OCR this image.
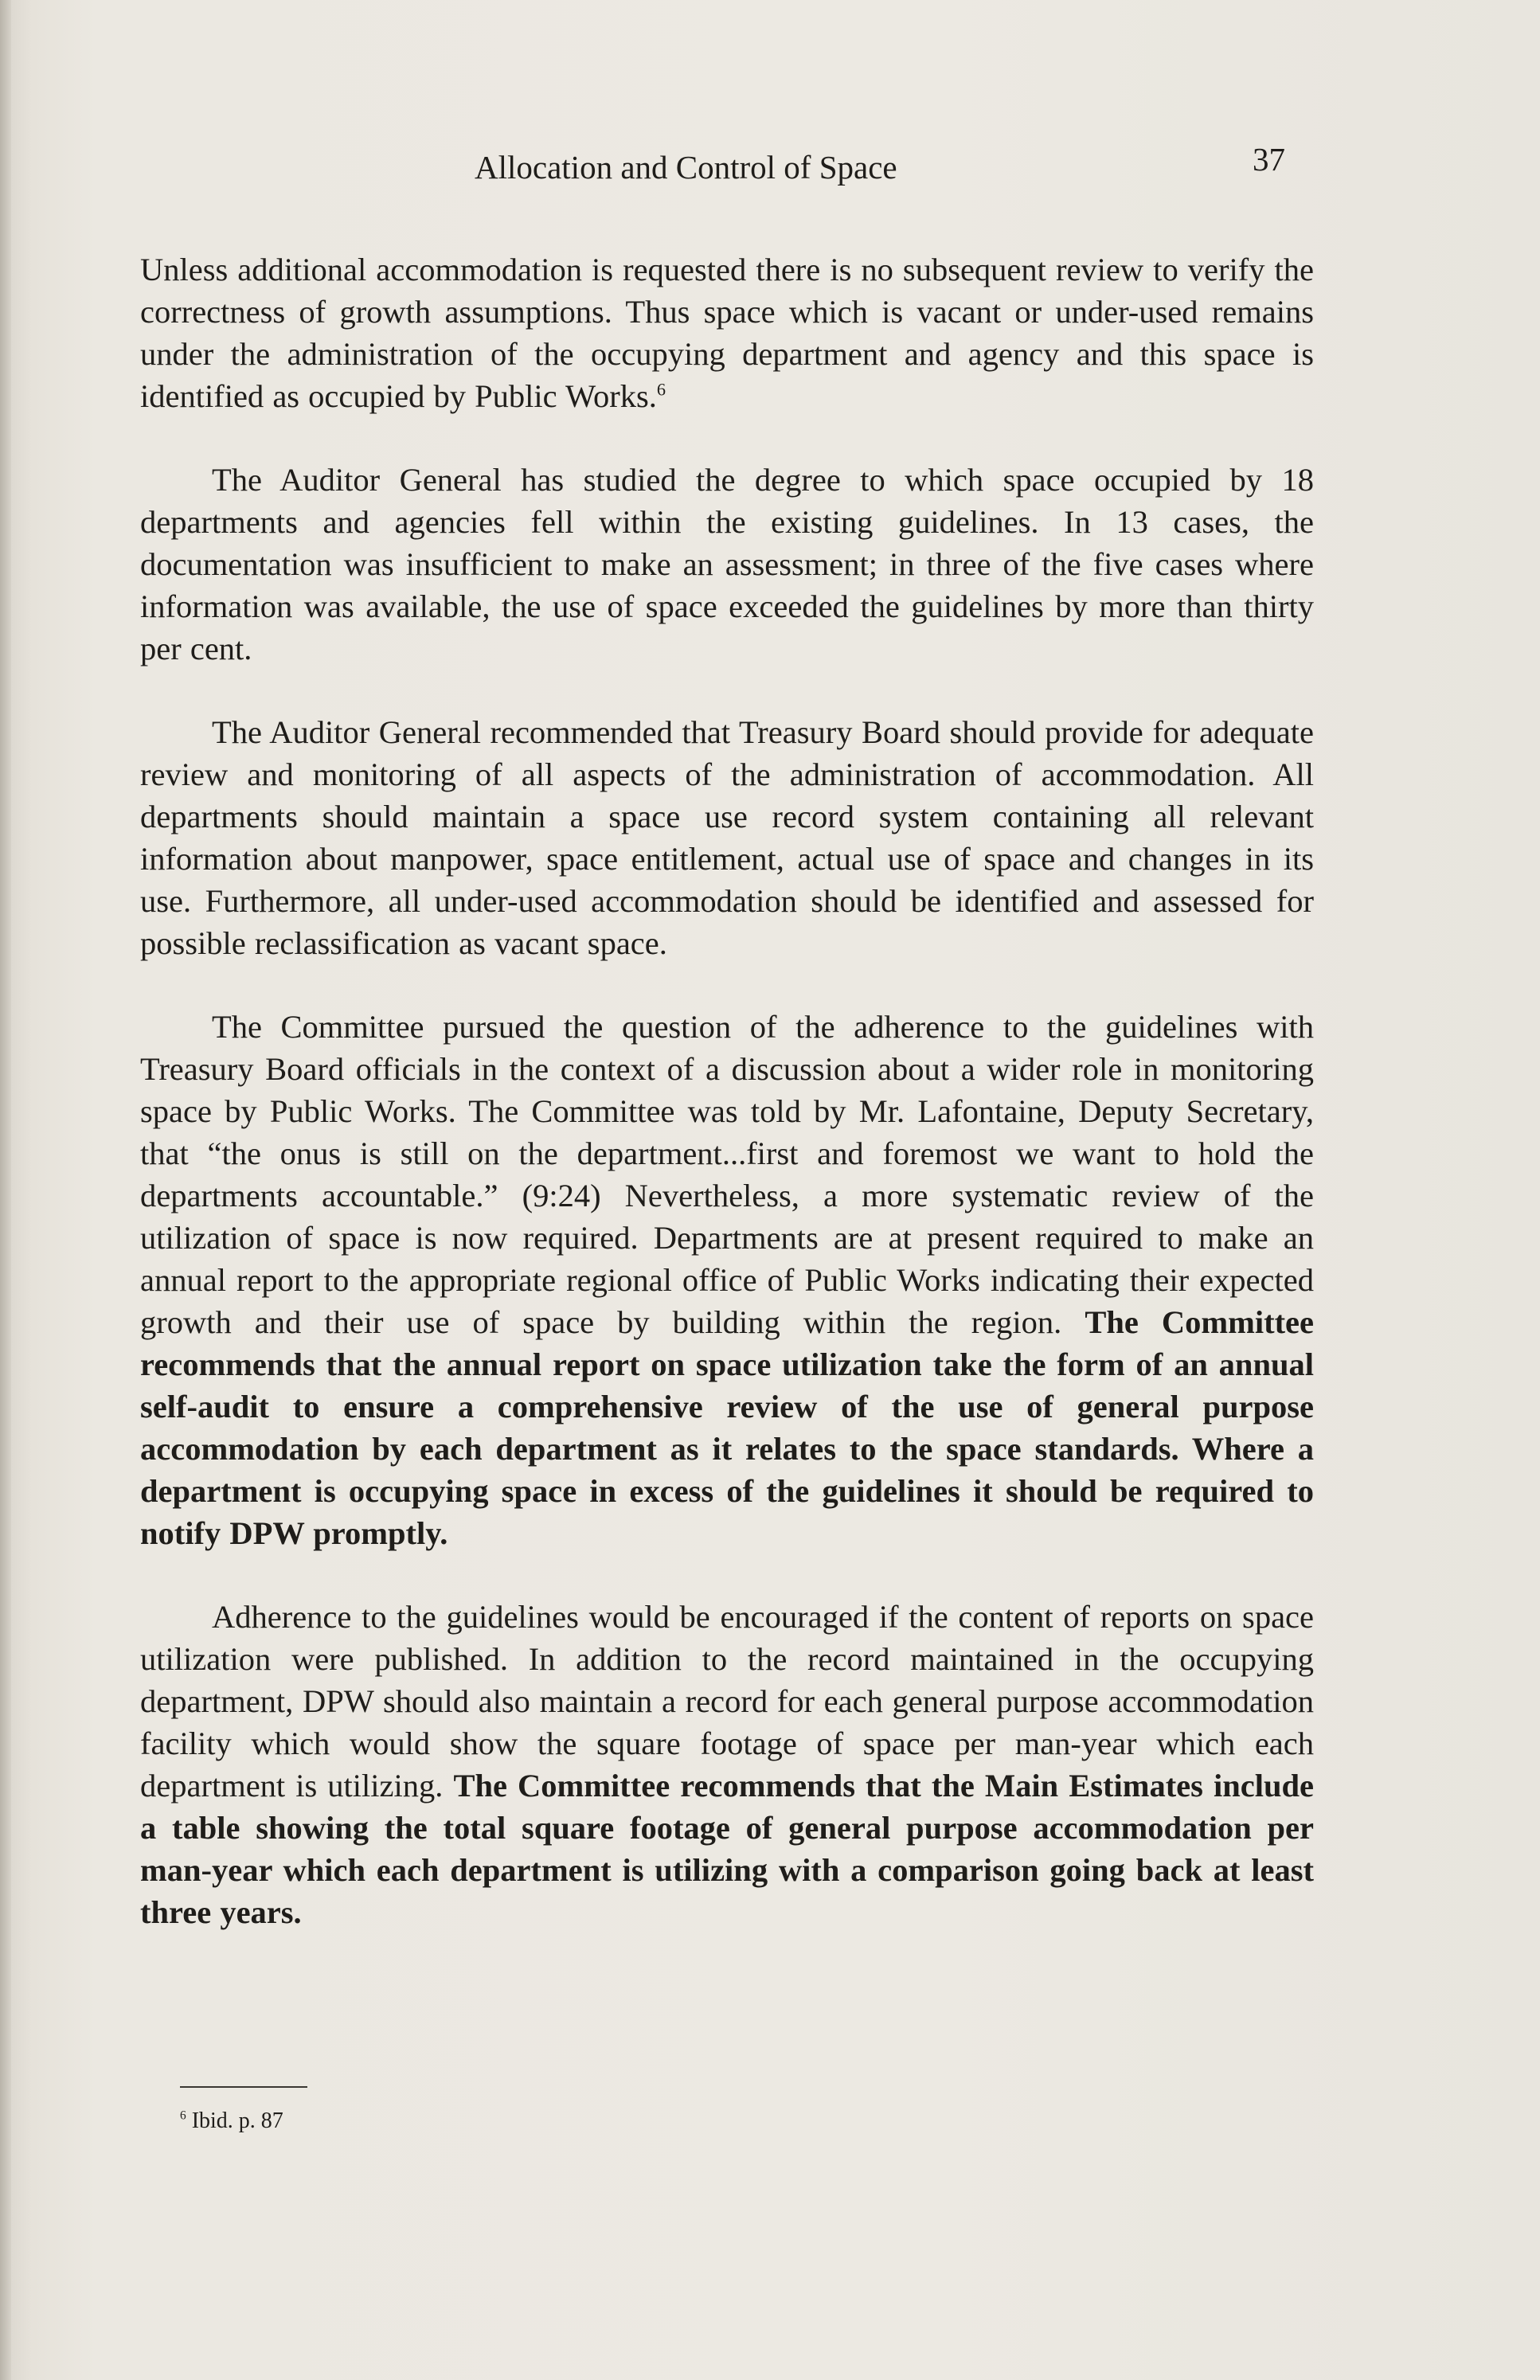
Allocation and Control of Space	37

Unless additional accommodation is requested there is no subsequent review to verify the correctness of growth assumptions. Thus space which is vacant or under-used remains under the administration of the occupying department and agency and this space is identified as occupied by Public Works.$^6$

The Auditor General has studied the degree to which space occupied by 18 departments and agencies fell within the existing guidelines. In 13 cases, the documentation was insufficient to make an assessment; in three of the five cases where information was available, the use of space exceeded the guidelines by more than thirty per cent.

The Auditor General recommended that Treasury Board should provide for adequate review and monitoring of all aspects of the administration of accommodation. All departments should maintain a space use record system containing all relevant information about manpower, space entitlement, actual use of space and changes in its use. Furthermore, all under-used accommodation should be identified and assessed for possible reclassification as vacant space.

The Committee pursued the question of the adherence to the guidelines with Treasury Board officials in the context of a discussion about a wider role in monitoring space by Public Works. The Committee was told by Mr. Lafontaine, Deputy Secretary, that “the onus is still on the department...first and foremost we want to hold the departments accountable.” (9:24) Nevertheless, a more systematic review of the utilization of space is now required. Departments are at present required to make an annual report to the appropriate regional office of Public Works indicating their expected growth and their use of space by building within the region. The Committee recommends that the annual report on space utilization take the form of an annual self-audit to ensure a comprehensive review of the use of general purpose accommodation by each department as it relates to the space standards. Where a department is occupying space in excess of the guidelines it should be required to notify DPW promptly.

Adherence to the guidelines would be encouraged if the content of reports on space utilization were published. In addition to the record maintained in the occupying department, DPW should also maintain a record for each general purpose accommodation facility which would show the square footage of space per man-year which each department is utilizing. The Committee recommends that the Main Estimates include a table showing the total square footage of general purpose accommodation per man-year which each department is utilizing with a comparison going back at least three years.

$^6$ Ibid. p. 87
